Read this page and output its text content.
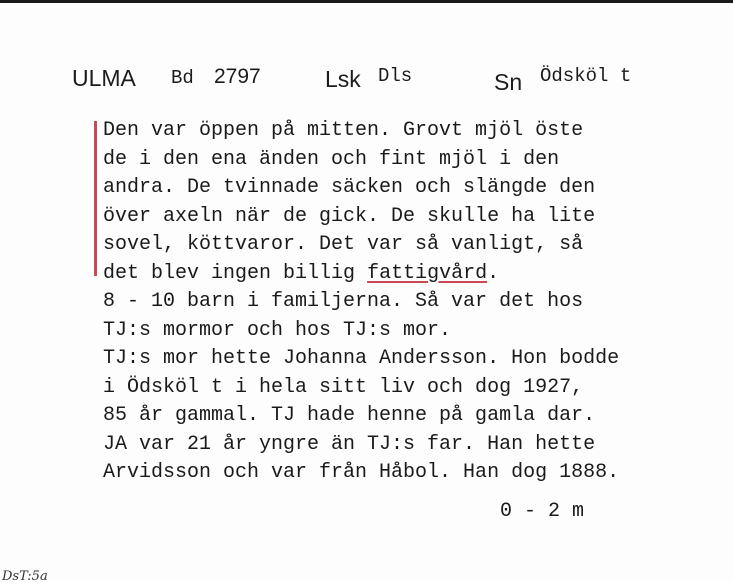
ULMA Bd 2797	Lsk Dls	Sn Ödsköl t
Den var öppen på mitten. Grovt mjöl öste
de i den ena änden och fint mjöl i den
andra. De tvinnade säcken och slängde den
över axeln när de gick. De skulle ha lite
sovel, köttvaror. Det var så vanligt, så
det blev ingen billig fattigvård.
8 - 10 barn i familjerna. Så var det hos
TJ:s mormor och hos TJ:s mor.
TJ:s mor hette Johanna Andersson. Hon bodde
i Ödsköl t i hela sitt liv och dog 1927,
85 år gammal. TJ hade henne på gamla dar.
JA var 21 år yngre än TJ:s far. Han hette
Arvidsson och var från Håbol. Han dog 1888.
0 - 2 m
DsT:5a
